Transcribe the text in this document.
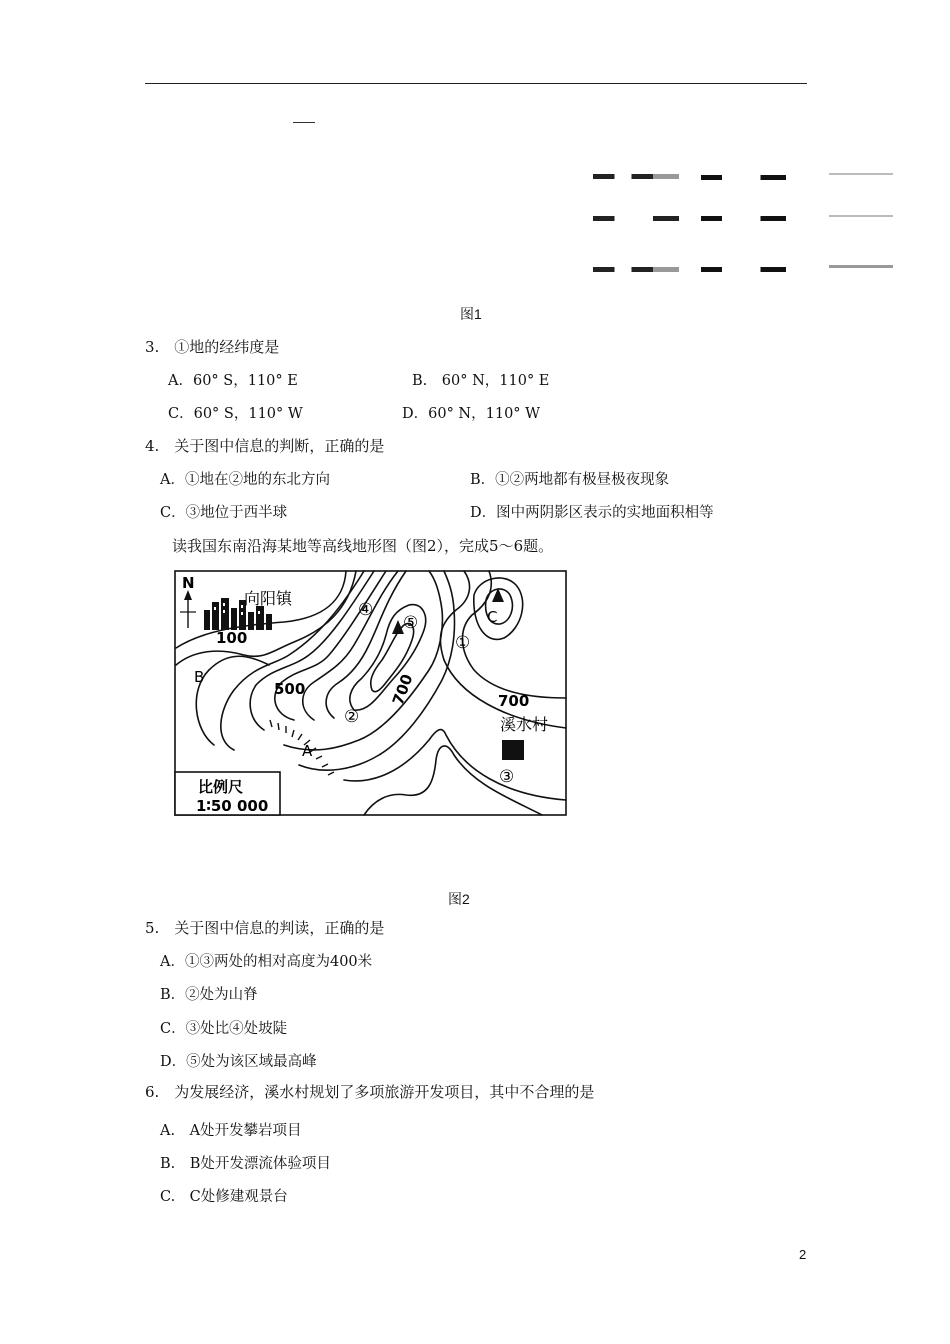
图1
3.　①地的经纬度是
A．60° S，110° E	B.　60° N，110° E
C．60° S，110° W	D．60° N，110° W
4.　关于图中信息的判断，正确的是
A．①地在②地的东北方向	B．①②两地都有极昼极夜现象
C．③地位于西半球	D．图中两阴影区表示的实地面积相等
读我国东南沿海某地等高线地形图（图2），完成5～6题。
N
向阳镇
100
500	700	700
B
A
C
①
②
③
④
⑤
溪水村
比例尺
1∶50 000
图2
5.　关于图中信息的判读，正确的是
A．①③两处的相对高度为400米
B．②处为山脊
C．③处比④处坡陡
D．⑤处为该区域最高峰
6.　为发展经济，溪水村规划了多项旅游开发项目，其中不合理的是
A.　A处开发攀岩项目
B.　B处开发漂流体验项目
C.　C处修建观景台
2
